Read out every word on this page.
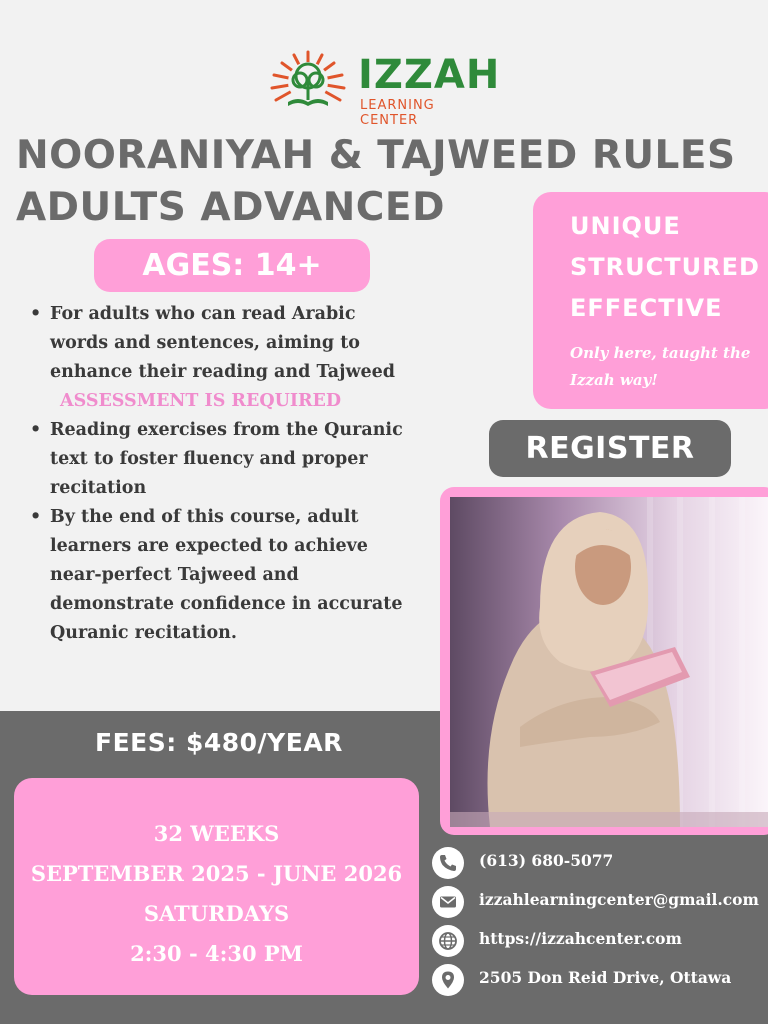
IZZAH
LEARNING CENTER
NOORANIYAH & TAJWEED RULES
ADULTS ADVANCED
AGES: 14+
• For adults who can read Arabic words and sentences, aiming to enhance their reading and Tajweed
ASSESSMENT IS REQUIRED
• Reading exercises from the Quranic text to foster fluency and proper recitation
• By the end of this course, adult learners are expected to achieve near-perfect Tajweed and demonstrate confidence in accurate Quranic recitation.
UNIQUE
STRUCTURED
EFFECTIVE
Only here, taught the Izzah way!
REGISTER
FEES: $480/YEAR
32 WEEKS
SEPTEMBER 2025 - JUNE 2026
SATURDAYS
2:30 - 4:30 PM
(613) 680-5077
izzahlearningcenter@gmail.com
https://izzahcenter.com
2505 Don Reid Drive, Ottawa
